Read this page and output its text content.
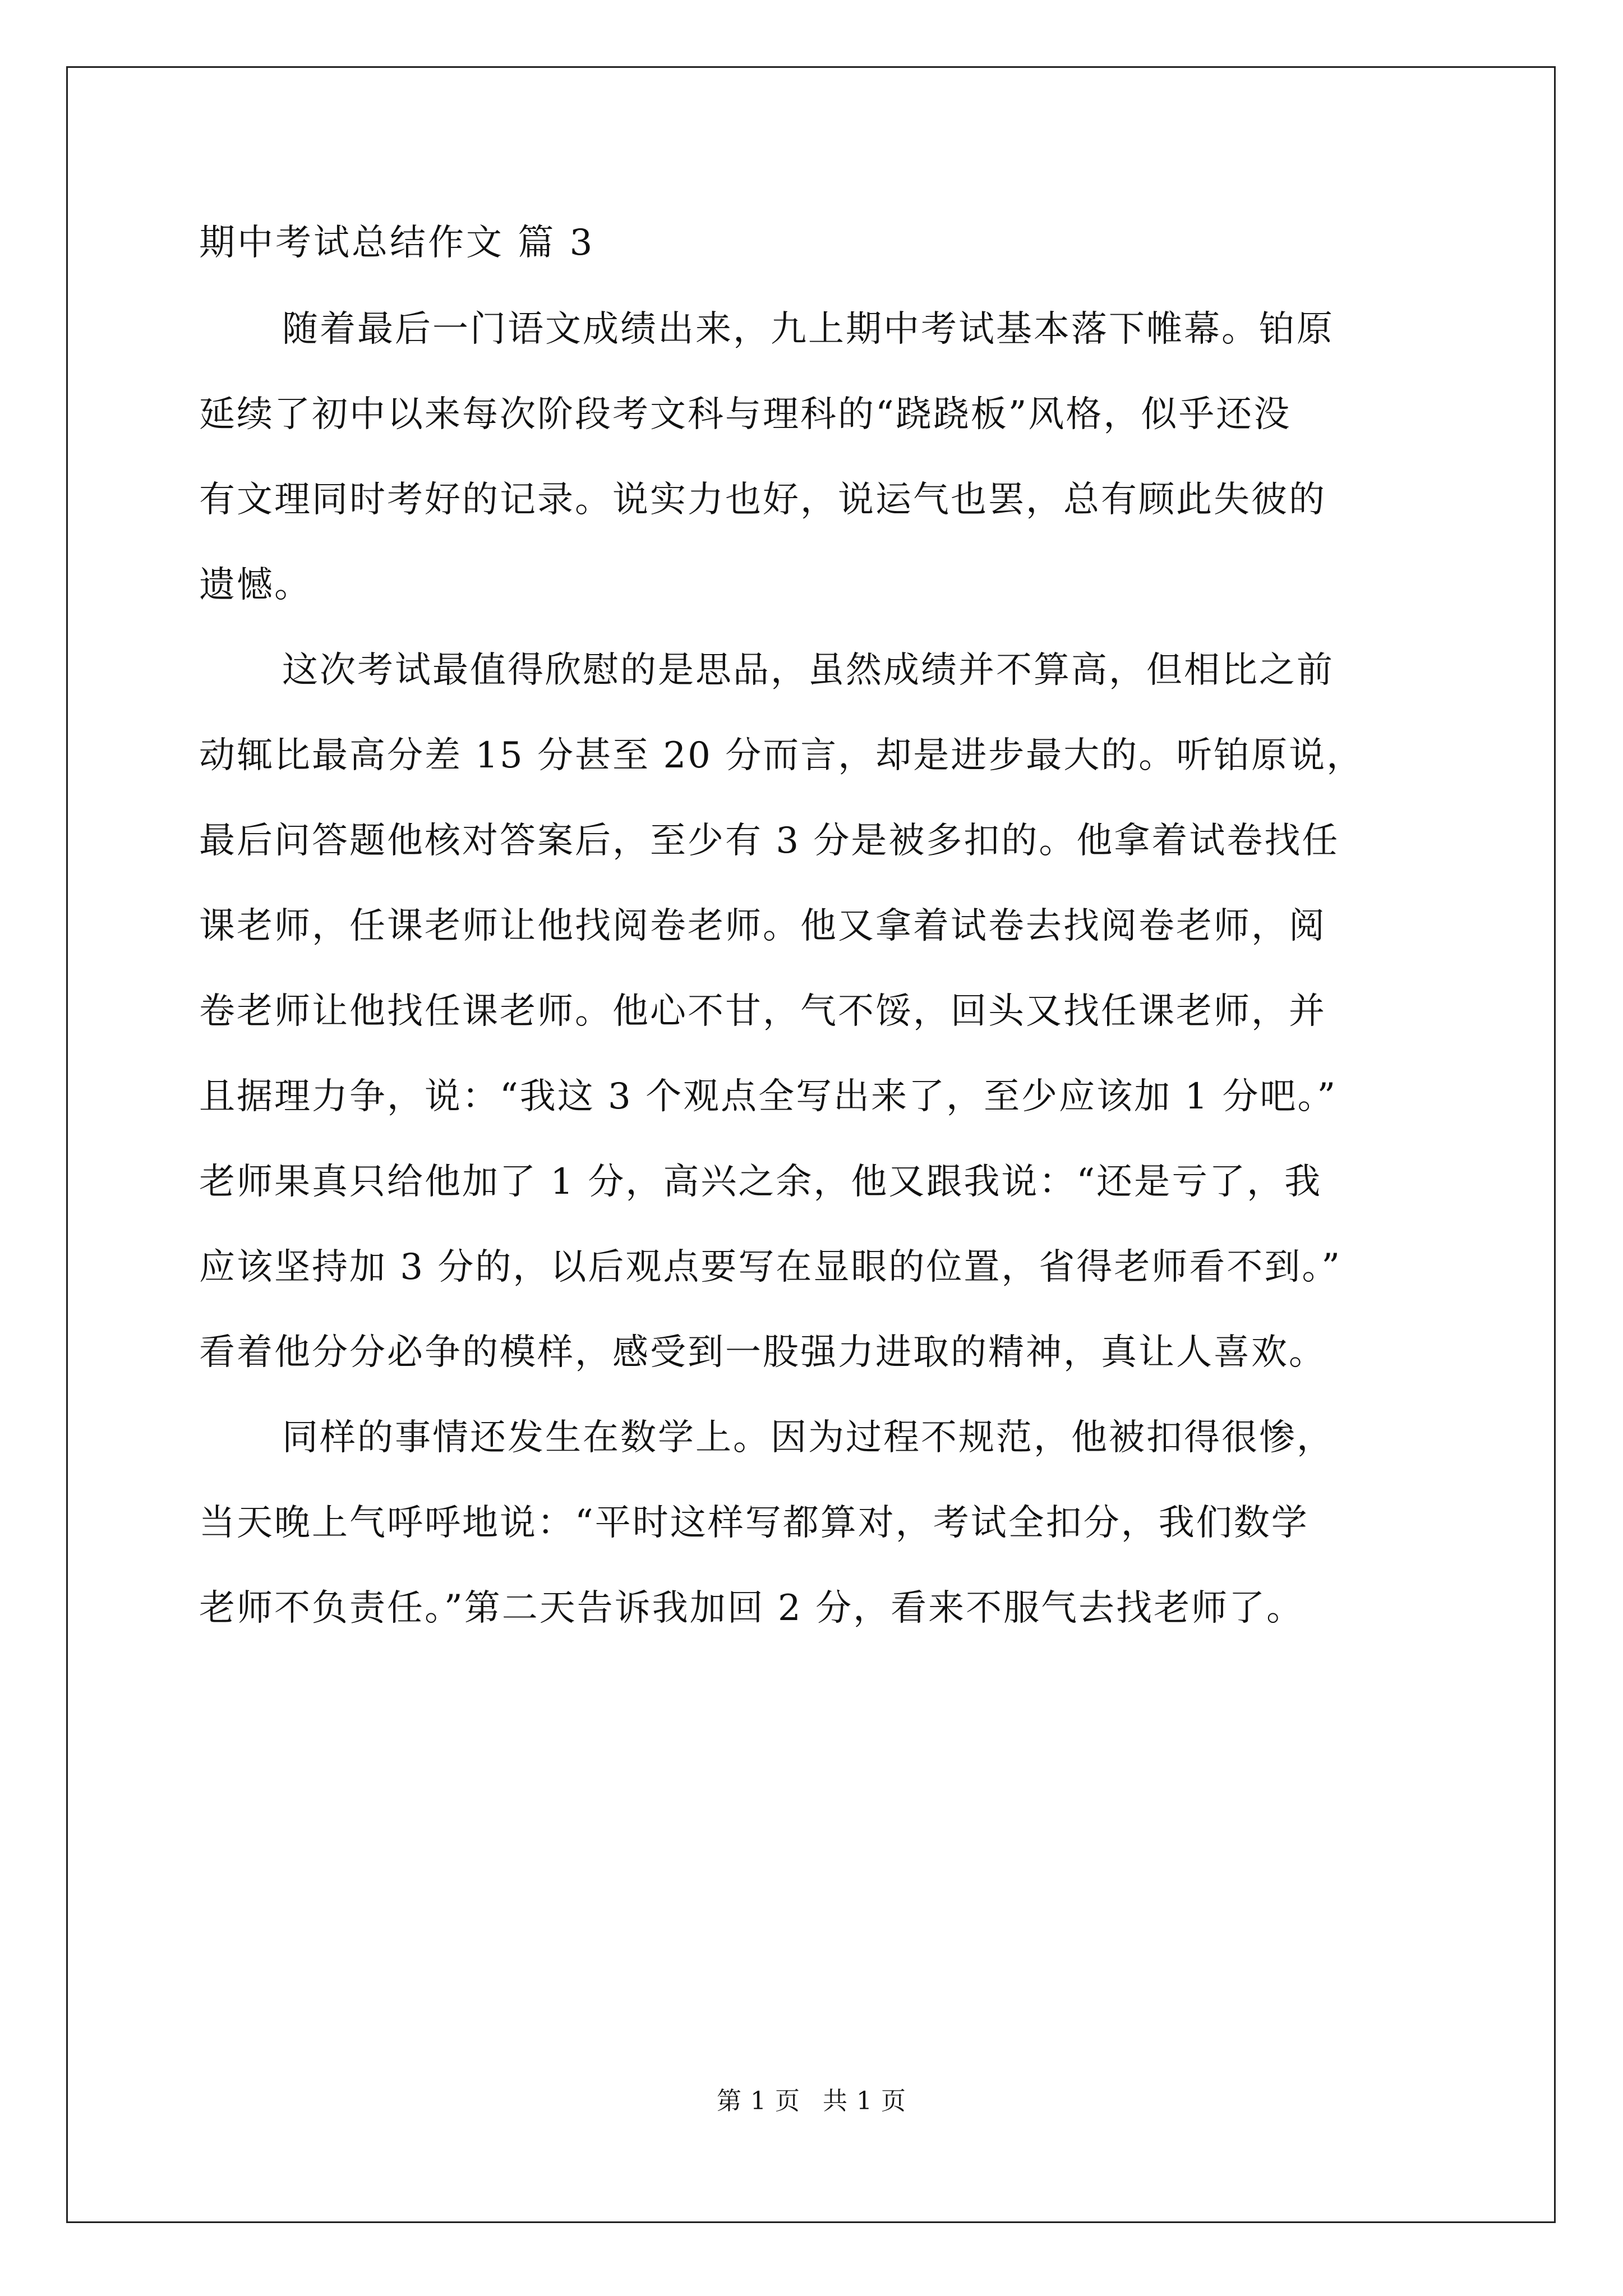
期中考试总结作文 篇 3
随着最后一门语文成绩出来，九上期中考试基本落下帷幕。铂原
延续了初中以来每次阶段考文科与理科的“跷跷板”风格，似乎还没
有文理同时考好的记录。说实力也好，说运气也罢，总有顾此失彼的
遗憾。
这次考试最值得欣慰的是思品，虽然成绩并不算高，但相比之前
动辄比最高分差 15 分甚至 20 分而言，却是进步最大的。听铂原说，
最后问答题他核对答案后，至少有 3 分是被多扣的。他拿着试卷找任
课老师，任课老师让他找阅卷老师。他又拿着试卷去找阅卷老师，阅
卷老师让他找任课老师。他心不甘，气不馁，回头又找任课老师，并
且据理力争，说：“我这 3 个观点全写出来了，至少应该加 1 分吧。”
老师果真只给他加了 1 分，高兴之余，他又跟我说：“还是亏了，我
应该坚持加 3 分的，以后观点要写在显眼的位置，省得老师看不到。”
看着他分分必争的模样，感受到一股强力进取的精神，真让人喜欢。
同样的事情还发生在数学上。因为过程不规范，他被扣得很惨，
当天晚上气呼呼地说：“平时这样写都算对，考试全扣分，我们数学
老师不负责任。”第二天告诉我加回 2 分，看来不服气去找老师了。
第 1 页 共 1 页
